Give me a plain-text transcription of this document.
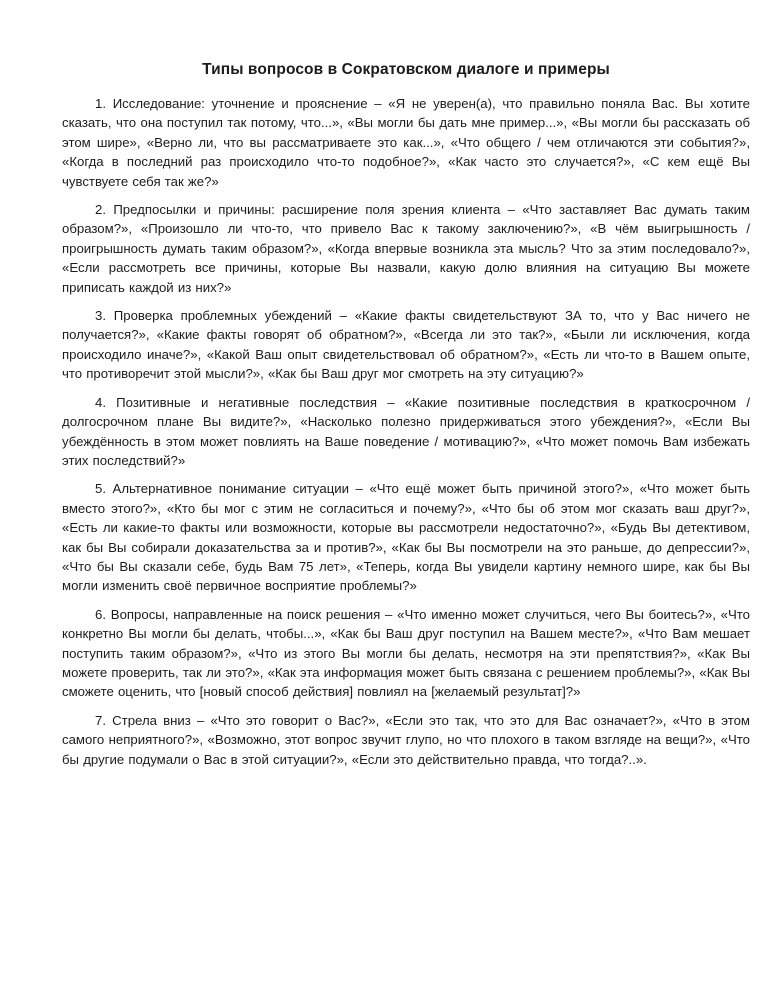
Типы вопросов в Сократовском диалоге и примеры

1. Исследование: уточнение и прояснение – «Я не уверен(а), что правильно поняла Вас. Вы хотите сказать, что она поступил так потому, что...», «Вы могли бы дать мне пример...», «Вы могли бы рассказать об этом шире», «Верно ли, что вы рассматриваете это как...», «Что общего / чем отличаются эти события?», «Когда в последний раз происходило что-то подобное?», «Как часто это случается?», «С кем ещё Вы чувствуете себя так же?»

2. Предпосылки и причины: расширение поля зрения клиента – «Что заставляет Вас думать таким образом?», «Произошло ли что-то, что привело Вас к такому заключению?», «В чём выигрышность / проигрышность думать таким образом?», «Когда впервые возникла эта мысль? Что за этим последовало?», «Если рассмотреть все причины, которые Вы назвали, какую долю влияния на ситуацию Вы можете приписать каждой из них?»

3. Проверка проблемных убеждений – «Какие факты свидетельствуют ЗА то, что у Вас ничего не получается?», «Какие факты говорят об обратном?», «Всегда ли это так?», «Были ли исключения, когда происходило иначе?», «Какой Ваш опыт свидетельствовал об обратном?», «Есть ли что-то в Вашем опыте, что противоречит этой мысли?», «Как бы Ваш друг мог смотреть на эту ситуацию?»

4. Позитивные и негативные последствия – «Какие позитивные последствия в краткосрочном / долгосрочном плане Вы видите?», «Насколько полезно придерживаться этого убеждения?», «Если Вы убеждённость в этом может повлиять на Ваше поведение / мотивацию?», «Что может помочь Вам избежать этих последствий?»

5. Альтернативное понимание ситуации – «Что ещё может быть причиной этого?», «Что может быть вместо этого?», «Кто бы мог с этим не согласиться и почему?», «Что бы об этом мог сказать ваш друг?», «Есть ли какие-то факты или возможности, которые вы рассмотрели недостаточно?», «Будь Вы детективом, как бы Вы собирали доказательства за и против?», «Как бы Вы посмотрели на это раньше, до депрессии?», «Что бы Вы сказали себе, будь Вам 75 лет», «Теперь, когда Вы увидели картину немного шире, как бы Вы могли изменить своё первичное восприятие проблемы?»

6. Вопросы, направленные на поиск решения – «Что именно может случиться, чего Вы боитесь?», «Что конкретно Вы могли бы делать, чтобы...», «Как бы Ваш друг поступил на Вашем месте?», «Что Вам мешает поступить таким образом?», «Что из этого Вы могли бы делать, несмотря на эти препятствия?», «Как Вы можете проверить, так ли это?», «Как эта информация может быть связана с решением проблемы?», «Как Вы сможете оценить, что [новый способ действия] повлиял на [желаемый результат]?»

7. Стрела вниз – «Что это говорит о Вас?», «Если это так, что это для Вас означает?», «Что в этом самого неприятного?», «Возможно, этот вопрос звучит глупо, но что плохого в таком взгляде на вещи?», «Что бы другие подумали о Вас в этой ситуации?», «Если это действительно правда, что тогда?..».
